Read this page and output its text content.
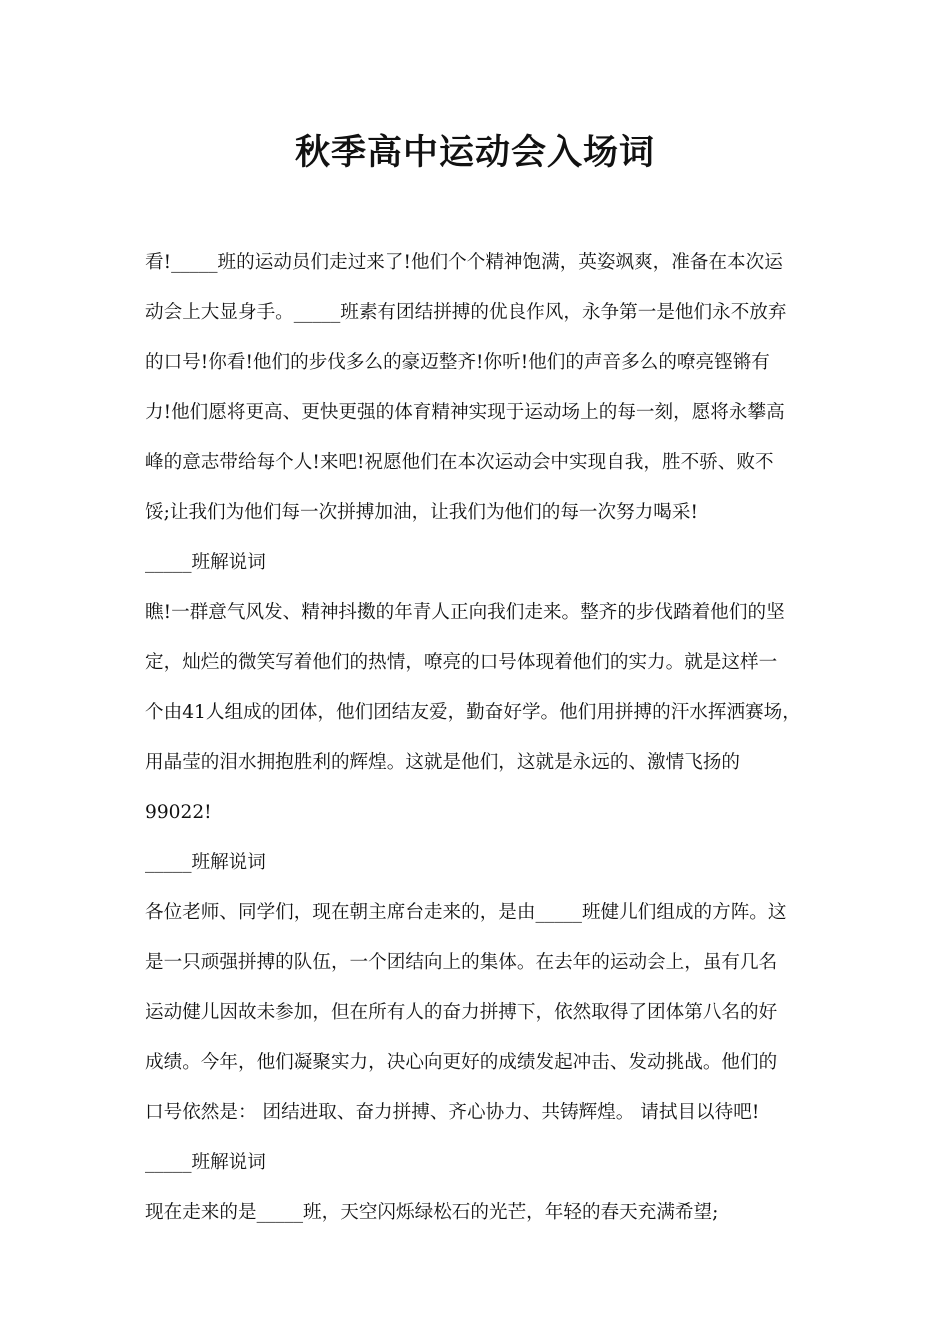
秋季高中运动会入场词
看!_____班的运动员们走过来了!他们个个精神饱满，英姿飒爽，准备在本次运
动会上大显身手。_____班素有团结拼搏的优良作风，永争第一是他们永不放弃
的口号!你看!他们的步伐多么的豪迈整齐!你听!他们的声音多么的嘹亮铿锵有
力!他们愿将更高、更快更强的体育精神实现于运动场上的每一刻，愿将永攀高
峰的意志带给每个人!来吧!祝愿他们在本次运动会中实现自我，胜不骄、败不
馁;让我们为他们每一次拼搏加油，让我们为他们的每一次努力喝采!
_____班解说词
瞧!一群意气风发、精神抖擞的年青人正向我们走来。整齐的步伐踏着他们的坚
定，灿烂的微笑写着他们的热情，嘹亮的口号体现着他们的实力。就是这样一
个由41人组成的团体，他们团结友爱，勤奋好学。他们用拼搏的汗水挥洒赛场，
用晶莹的泪水拥抱胜利的辉煌。这就是他们，这就是永远的、激情飞扬的
99022!
_____班解说词
各位老师、同学们，现在朝主席台走来的，是由_____班健儿们组成的方阵。这
是一只顽强拼搏的队伍，一个团结向上的集体。在去年的运动会上，虽有几名
运动健儿因故未参加，但在所有人的奋力拼搏下，依然取得了团体第八名的好
成绩。今年，他们凝聚实力，决心向更好的成绩发起冲击、发动挑战。他们的
口号依然是： 团结进取、奋力拼搏、齐心协力、共铸辉煌。 请拭目以待吧!
_____班解说词
现在走来的是_____班，天空闪烁绿松石的光芒，年轻的春天充满希望;
